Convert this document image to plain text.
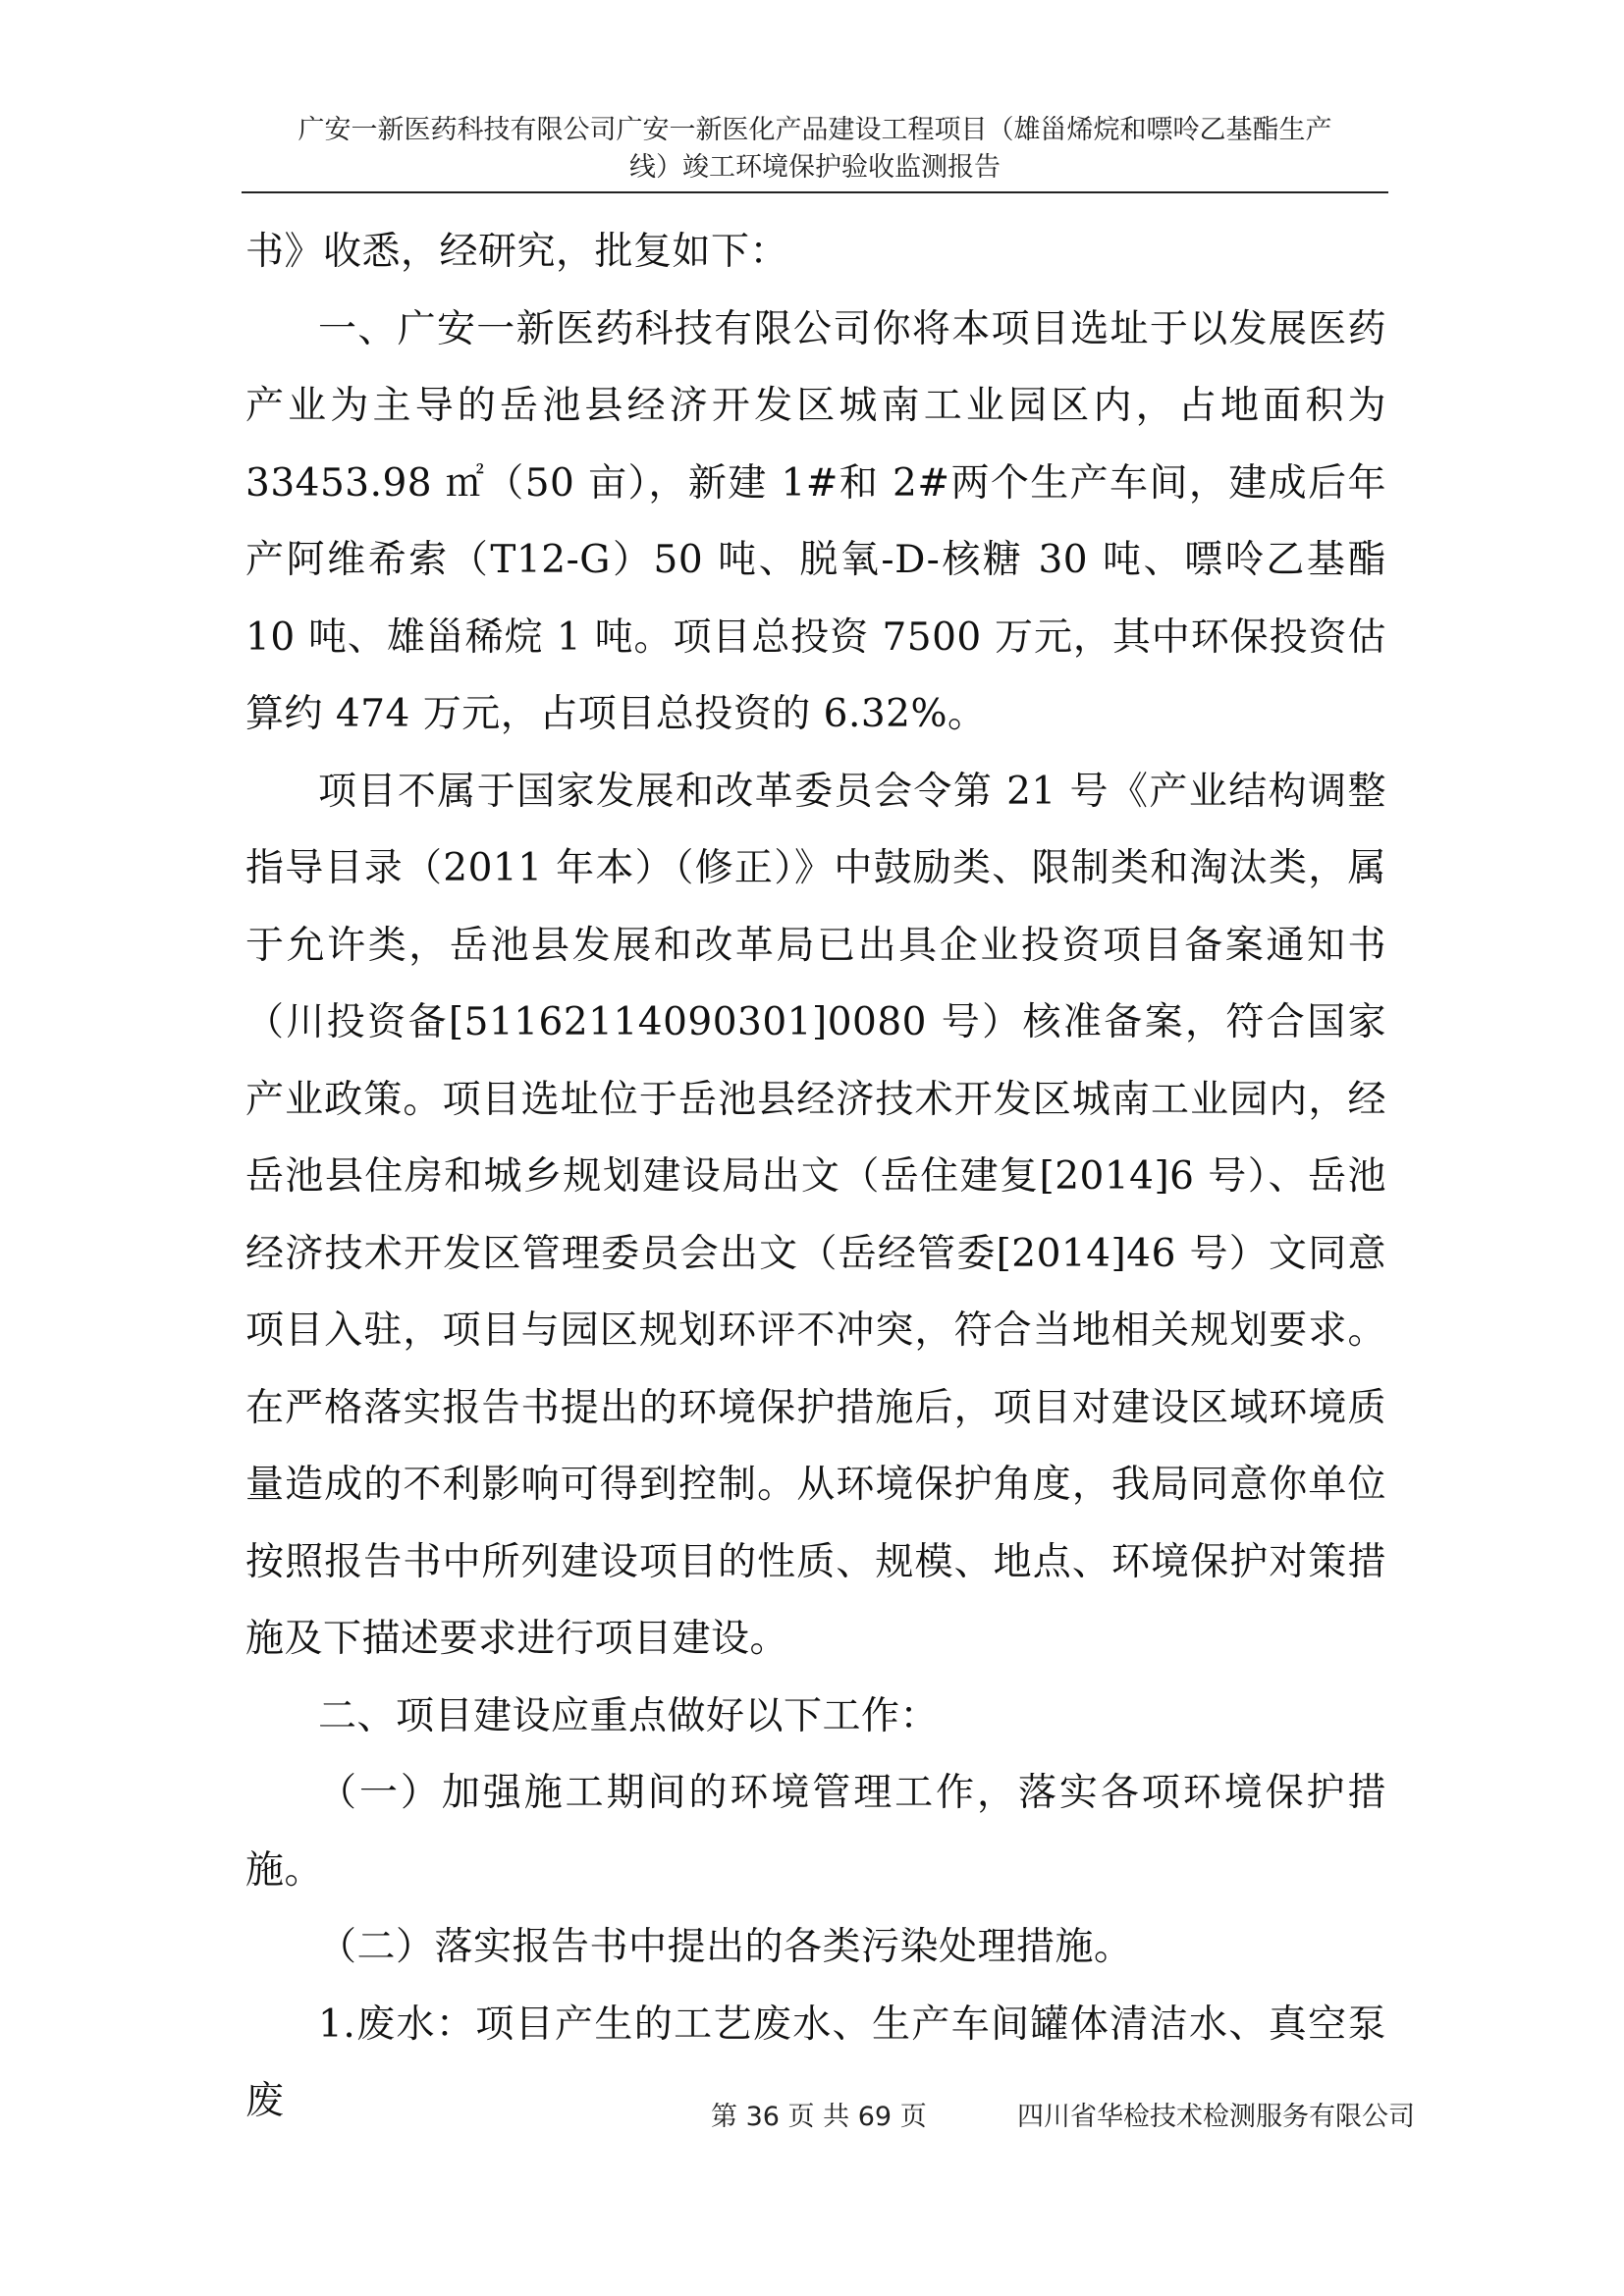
广安一新医药科技有限公司广安一新医化产品建设工程项目（雄甾烯烷和嘌呤乙基酯生产
线）竣工环境保护验收监测报告

书》收悉，经研究，批复如下：

一、广安一新医药科技有限公司你将本项目选址于以发展医药产业为主导的岳池县经济开发区城南工业园区内，占地面积为33453.98 ㎡（50 亩），新建 1#和 2#两个生产车间，建成后年产阿维希索（T12-G）50 吨、脱氧-D-核糖 30 吨、嘌呤乙基酯 10 吨、雄甾稀烷 1 吨。项目总投资 7500 万元，其中环保投资估算约 474 万元，占项目总投资的 6.32%。

项目不属于国家发展和改革委员会令第 21 号《产业结构调整指导目录（2011 年本）（修正）》中鼓励类、限制类和淘汰类，属于允许类，岳池县发展和改革局已出具企业投资项目备案通知书（川投资备[51162114090301]0080 号）核准备案，符合国家产业政策。项目选址位于岳池县经济技术开发区城南工业园内，经岳池县住房和城乡规划建设局出文（岳住建复[2014]6 号）、岳池经济技术开发区管理委员会出文（岳经管委[2014]46 号）文同意项目入驻，项目与园区规划环评不冲突，符合当地相关规划要求。在严格落实报告书提出的环境保护措施后，项目对建设区域环境质量造成的不利影响可得到控制。从环境保护角度，我局同意你单位按照报告书中所列建设项目的性质、规模、地点、环境保护对策措施及下描述要求进行项目建设。

二、项目建设应重点做好以下工作：

（一）加强施工期间的环境管理工作，落实各项环境保护措施。

（二）落实报告书中提出的各类污染处理措施。

1.废水：项目产生的工艺废水、生产车间罐体清洁水、真空泵废	第 36 页 共 69 页	四川省华检技术检测服务有限公司
